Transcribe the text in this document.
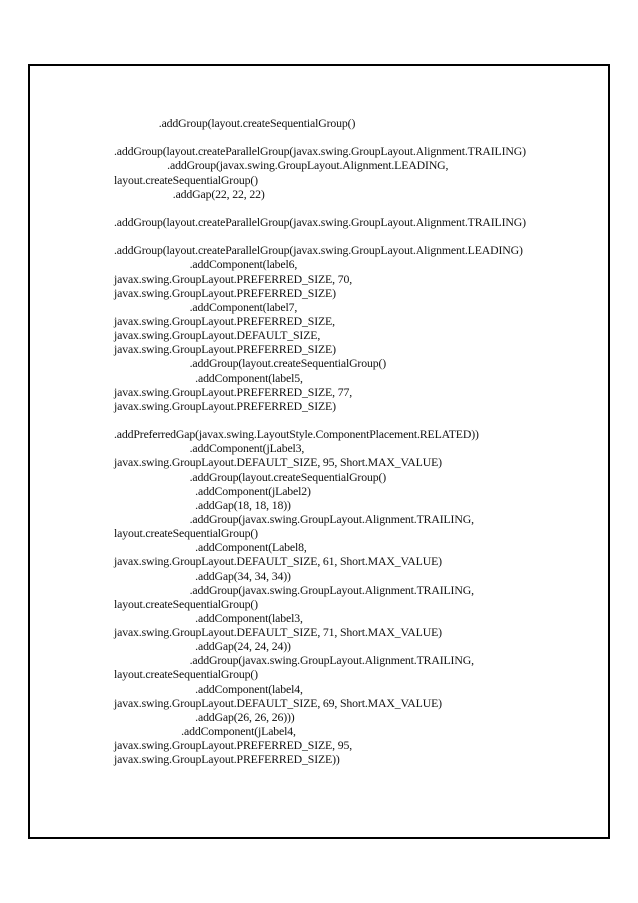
.addGroup(layout.createSequentialGroup()
.addGroup(layout.createParallelGroup(javax.swing.GroupLayout.Alignment.TRAILING)
.addGroup(javax.swing.GroupLayout.Alignment.LEADING,
layout.createSequentialGroup()
.addGap(22, 22, 22)
.addGroup(layout.createParallelGroup(javax.swing.GroupLayout.Alignment.TRAILING)
.addGroup(layout.createParallelGroup(javax.swing.GroupLayout.Alignment.LEADING)
.addComponent(label6,
javax.swing.GroupLayout.PREFERRED_SIZE, 70,
javax.swing.GroupLayout.PREFERRED_SIZE)
.addComponent(label7,
javax.swing.GroupLayout.PREFERRED_SIZE,
javax.swing.GroupLayout.DEFAULT_SIZE,
javax.swing.GroupLayout.PREFERRED_SIZE)
.addGroup(layout.createSequentialGroup()
.addComponent(label5,
javax.swing.GroupLayout.PREFERRED_SIZE, 77,
javax.swing.GroupLayout.PREFERRED_SIZE)
.addPreferredGap(javax.swing.LayoutStyle.ComponentPlacement.RELATED))
.addComponent(jLabel3,
javax.swing.GroupLayout.DEFAULT_SIZE, 95, Short.MAX_VALUE)
.addGroup(layout.createSequentialGroup()
.addComponent(jLabel2)
.addGap(18, 18, 18))
.addGroup(javax.swing.GroupLayout.Alignment.TRAILING,
layout.createSequentialGroup()
.addComponent(Label8,
javax.swing.GroupLayout.DEFAULT_SIZE, 61, Short.MAX_VALUE)
.addGap(34, 34, 34))
.addGroup(javax.swing.GroupLayout.Alignment.TRAILING,
layout.createSequentialGroup()
.addComponent(label3,
javax.swing.GroupLayout.DEFAULT_SIZE, 71, Short.MAX_VALUE)
.addGap(24, 24, 24))
.addGroup(javax.swing.GroupLayout.Alignment.TRAILING,
layout.createSequentialGroup()
.addComponent(label4,
javax.swing.GroupLayout.DEFAULT_SIZE, 69, Short.MAX_VALUE)
.addGap(26, 26, 26)))
.addComponent(jLabel4,
javax.swing.GroupLayout.PREFERRED_SIZE, 95,
javax.swing.GroupLayout.PREFERRED_SIZE))
